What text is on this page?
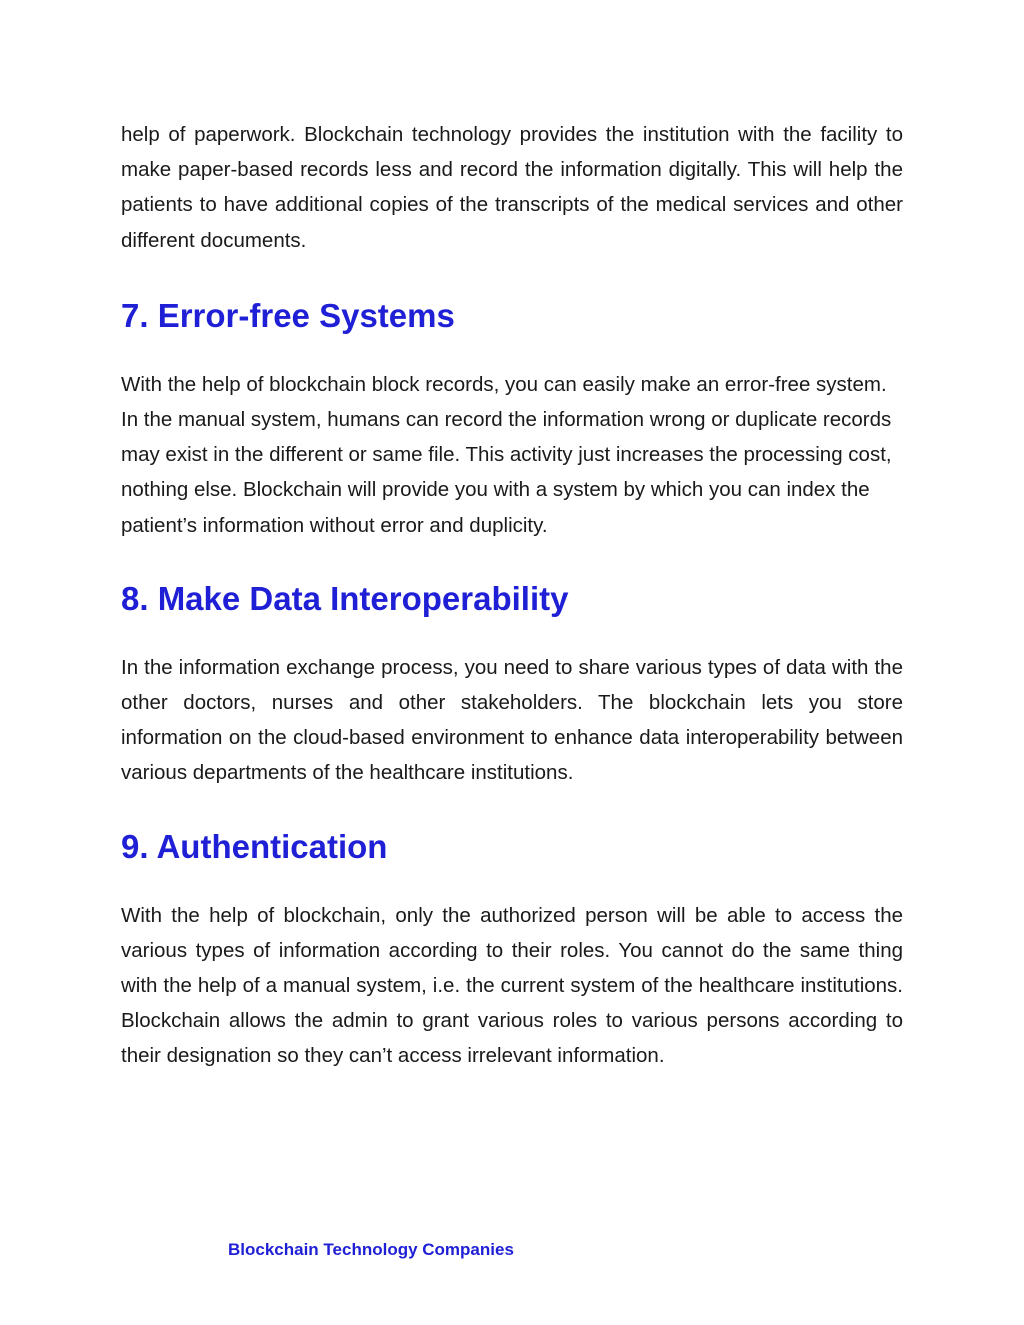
help of paperwork. Blockchain technology provides the institution with the facility to make paper-based records less and record the information digitally. This will help the patients to have additional copies of the transcripts of the medical services and other different documents.

7. Error-free Systems

With the help of blockchain block records, you can easily make an error-free system. In the manual system, humans can record the information wrong or duplicate records may exist in the different or same file. This activity just increases the processing cost, nothing else. Blockchain will provide you with a system by which you can index the patient’s information without error and duplicity.

8. Make Data Interoperability

In the information exchange process, you need to share various types of data with the other doctors, nurses and other stakeholders. The blockchain lets you store information on the cloud-based environment to enhance data interoperability between various departments of the healthcare institutions.

9. Authentication

With the help of blockchain, only the authorized person will be able to access the various types of information according to their roles. You cannot do the same thing with the help of a manual system, i.e. the current system of the healthcare institutions. Blockchain allows the admin to grant various roles to various persons according to their designation so they can’t access irrelevant information.

Blockchain Technology Companies
